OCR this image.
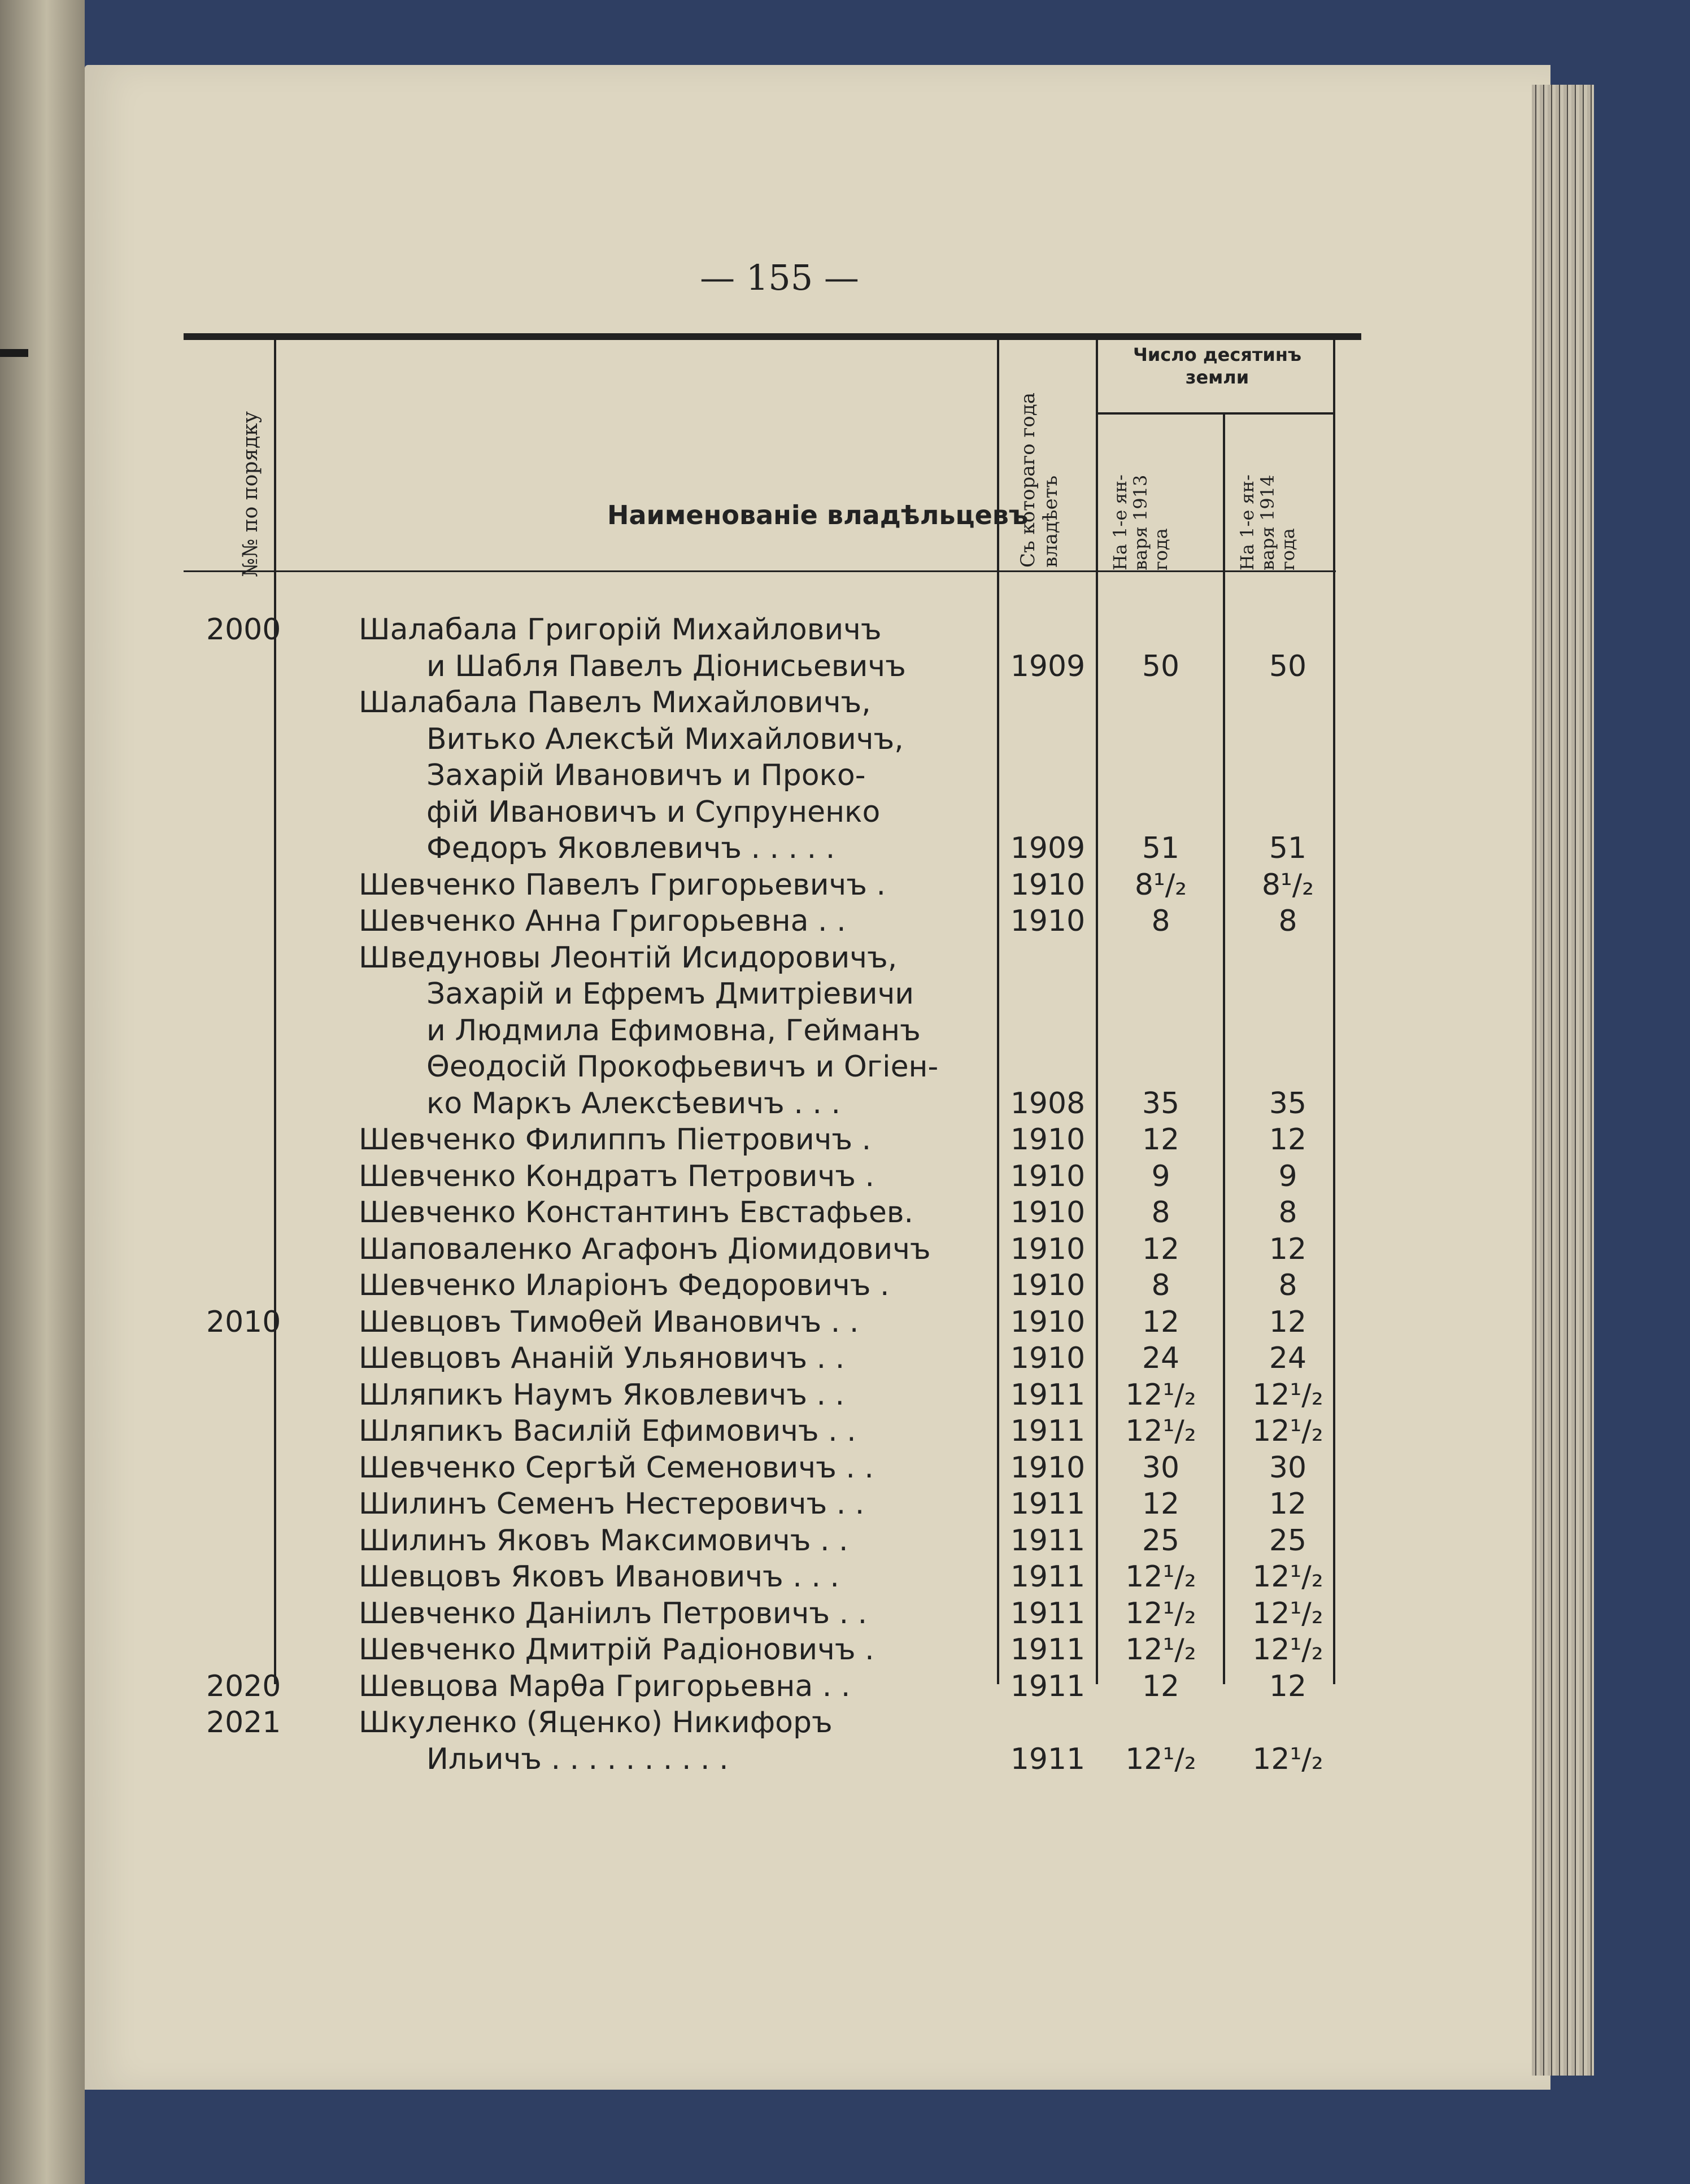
— 155 —
№№ по порядку	Наименованіе владѣльцевъ
Съ котораго года владѣетъ
Число десятинъ
земли
На 1-е ян-
варя 1913
года	На 1-е ян-
варя 1914
года
2000	Шалабала Григорій Михайловичъ
и Шабля Павелъ Діонисьевичъ	1909	50	50
Шалабала Павелъ Михайловичъ,
Витько Алексѣй Михайловичъ,
Захарій Ивановичъ и Проко-
фій Ивановичъ и Супруненко
Федоръ Яковлевичъ . . . . .	1909	51	51
Шевченко Павелъ Григорьевичъ .	1910	8¹/₂	8¹/₂
Шевченко Анна Григорьевна . .	1910	8	8
Шведуновы Леонтій Исидоровичъ,
Захарій и Ефремъ Дмитріевичи
и Людмила Ефимовна, Гейманъ
Θеодосій Прокофьевичъ и Огіен-
ко Маркъ Алексѣевичъ . . .	1908	35	35
Шевченко Филиппъ Пiетровичъ .	1910	12	12
Шевченко Кондратъ Петровичъ .	1910	9	9
Шевченко Константинъ Евстафьев.	1910	8	8
Шаповаленко Агафонъ Діомидовичъ	1910	12	12
Шевченко Иларіонъ Федоровичъ .	1910	8	8
2010	Шевцовъ Тимоθей Ивановичъ . .	1910	12	12
Шевцовъ Ананій Ульяновичъ . .	1910	24	24
Шляпикъ Наумъ Яковлевичъ . .	1911	12¹/₂	12¹/₂
Шляпикъ Василій Ефимовичъ . .	1911	12¹/₂	12¹/₂
Шевченко Сергѣй Семеновичъ . .	1910	30	30
Шилинъ Семенъ Нестеровичъ . .	1911	12	12
Шилинъ Яковъ Максимовичъ . .	1911	25	25
Шевцовъ Яковъ Ивановичъ . . .	1911	12¹/₂	12¹/₂
Шевченко Даніилъ Петровичъ . .	1911	12¹/₂	12¹/₂
Шевченко Дмитрій Радіоновичъ .	1911	12¹/₂	12¹/₂
2020	Шевцова Марθа Григорьевна . .	1911	12	12
2021	Шкуленко (Яценко) Никифоръ
Ильичъ . . . . . . . . . .	1911	12¹/₂	12¹/₂
